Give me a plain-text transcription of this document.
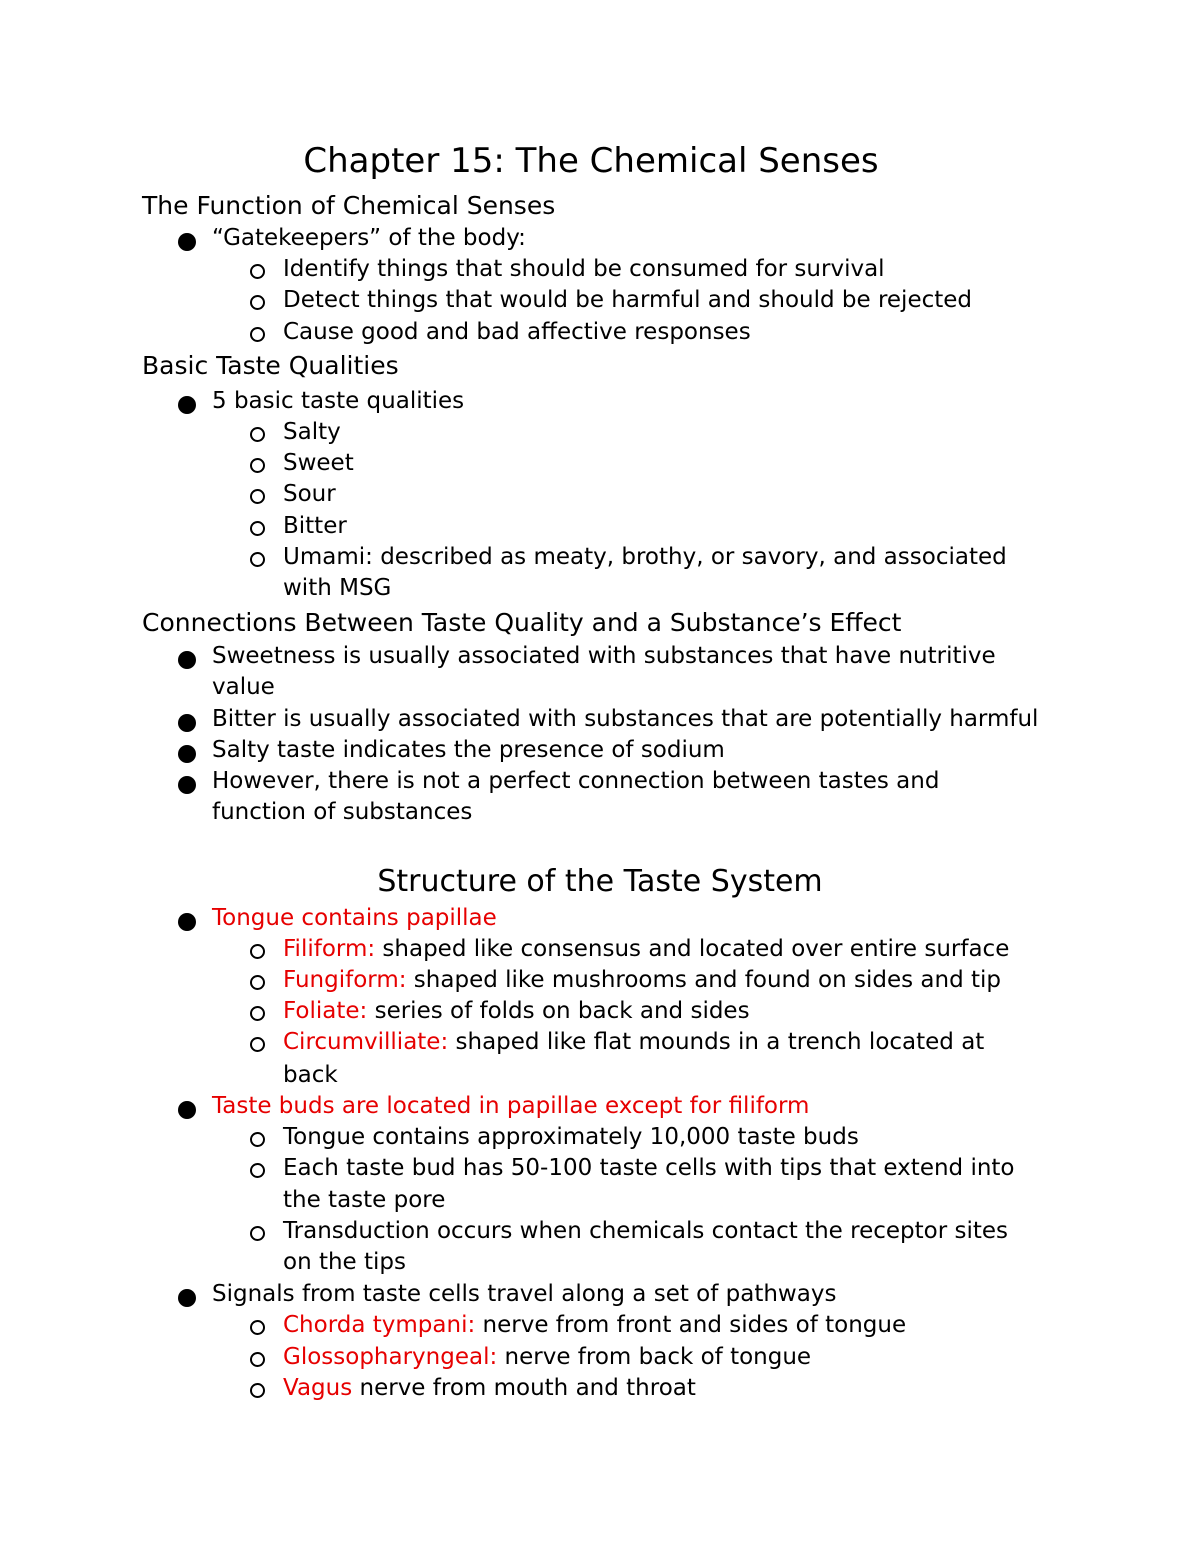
Chapter 15: The Chemical Senses
The Function of Chemical Senses
“Gatekeepers” of the body:
Identify things that should be consumed for survival
Detect things that would be harmful and should be rejected
Cause good and bad affective responses
Basic Taste Qualities
5 basic taste qualities
Salty
Sweet
Sour
Bitter
Umami: described as meaty, brothy, or savory, and associated
with MSG
Connections Between Taste Quality and a Substance’s Effect
Sweetness is usually associated with substances that have nutritive
value
Bitter is usually associated with substances that are potentially harmful
Salty taste indicates the presence of sodium
However, there is not a perfect connection between tastes and
function of substances
Structure of the Taste System
Tongue contains papillae
Filiform: shaped like consensus and located over entire surface
Fungiform: shaped like mushrooms and found on sides and tip
Foliate: series of folds on back and sides
Circumvilliate: shaped like flat mounds in a trench located at
back
Taste buds are located in papillae except for filiform
Tongue contains approximately 10,000 taste buds
Each taste bud has 50-100 taste cells with tips that extend into
the taste pore
Transduction occurs when chemicals contact the receptor sites
on the tips
Signals from taste cells travel along a set of pathways
Chorda tympani: nerve from front and sides of tongue
Glossopharyngeal: nerve from back of tongue
Vagus nerve from mouth and throat
